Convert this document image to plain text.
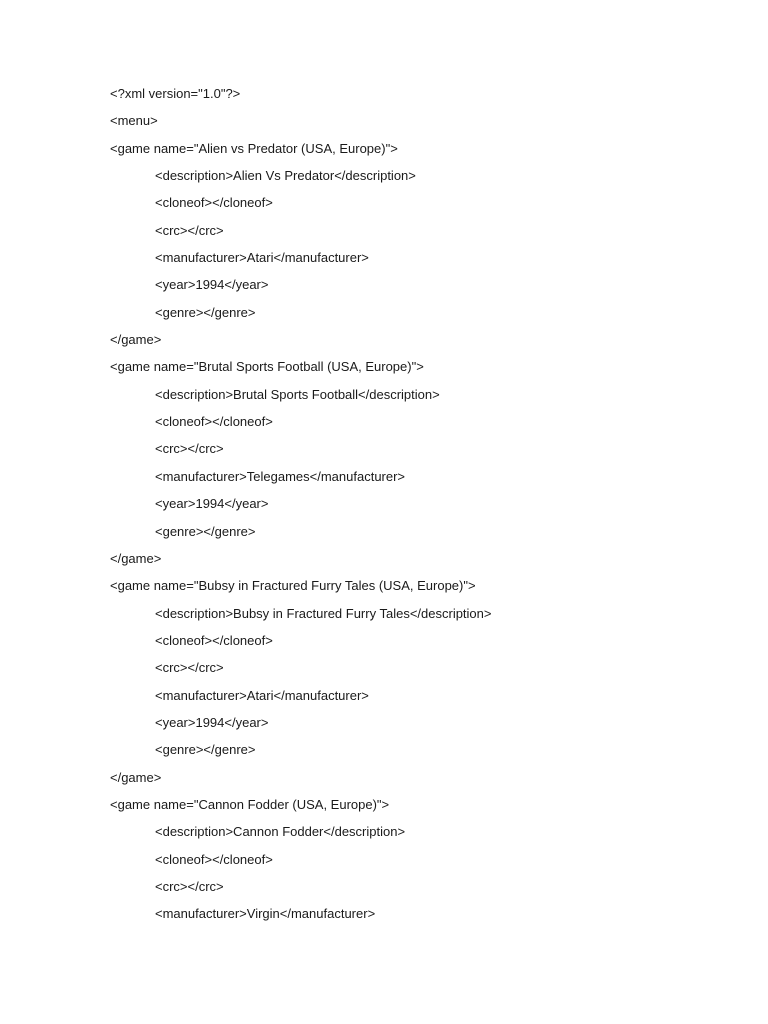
<?xml version="1.0"?>
<menu>
<game name="Alien vs Predator (USA, Europe)">
<description>Alien Vs Predator</description>
<cloneof></cloneof>
<crc></crc>
<manufacturer>Atari</manufacturer>
<year>1994</year>
<genre></genre>
</game>
<game name="Brutal Sports Football (USA, Europe)">
<description>Brutal Sports Football</description>
<cloneof></cloneof>
<crc></crc>
<manufacturer>Telegames</manufacturer>
<year>1994</year>
<genre></genre>
</game>
<game name="Bubsy in Fractured Furry Tales (USA, Europe)">
<description>Bubsy in Fractured Furry Tales</description>
<cloneof></cloneof>
<crc></crc>
<manufacturer>Atari</manufacturer>
<year>1994</year>
<genre></genre>
</game>
<game name="Cannon Fodder (USA, Europe)">
<description>Cannon Fodder</description>
<cloneof></cloneof>
<crc></crc>
<manufacturer>Virgin</manufacturer>
